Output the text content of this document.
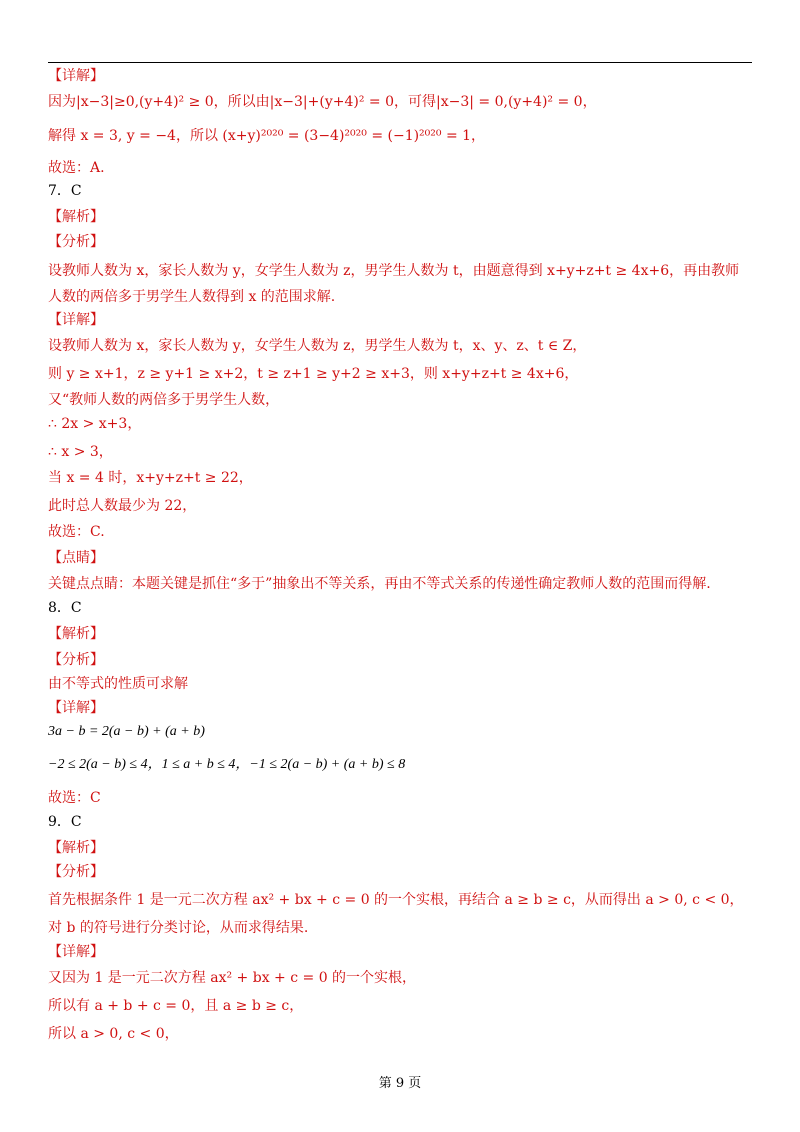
【详解】
因为|x−3|≥0,(y+4)² ≥ 0，所以由|x−3|+(y+4)² = 0，可得|x−3| = 0,(y+4)² = 0，
解得 x = 3, y = −4，所以 (x+y)²⁰²⁰ = (3−4)²⁰²⁰ = (−1)²⁰²⁰ = 1，
故选：A.
7．C
【解析】
【分析】
设教师人数为 x，家长人数为 y，女学生人数为 z，男学生人数为 t，由题意得到 x+y+z+t ≥ 4x+6，再由教师人数的两倍多于男学生人数得到 x 的范围求解.
【详解】
设教师人数为 x，家长人数为 y，女学生人数为 z，男学生人数为 t，x、y、z、t ∈ Z，
则 y ≥ x+1，z ≥ y+1 ≥ x+2，t ≥ z+1 ≥ y+2 ≥ x+3，则 x+y+z+t ≥ 4x+6，
又“教师人数的两倍多于男学生人数，
∴ 2x > x+3，
∴ x > 3，
当 x = 4 时，x+y+z+t ≥ 22，
此时总人数最少为 22，
故选：C.
【点睛】
关键点点睛：本题关键是抓住“多于”抽象出不等关系，再由不等式关系的传递性确定教师人数的范围而得解.
8．C
【解析】
【分析】
由不等式的性质可求解
【详解】
3a − b = 2(a − b) + (a + b)
−2 ≤ 2(a − b) ≤ 4，1 ≤ a + b ≤ 4，−1 ≤ 2(a − b) + (a + b) ≤ 8
故选：C
9．C
【解析】
【分析】
首先根据条件 1 是一元二次方程 ax² + bx + c = 0 的一个实根，再结合 a ≥ b ≥ c，从而得出 a > 0, c < 0，对 b 的符号进行分类讨论，从而求得结果.
【详解】
又因为 1 是一元二次方程 ax² + bx + c = 0 的一个实根，
所以有 a + b + c = 0，且 a ≥ b ≥ c，
所以 a > 0, c < 0，
第 9 页
